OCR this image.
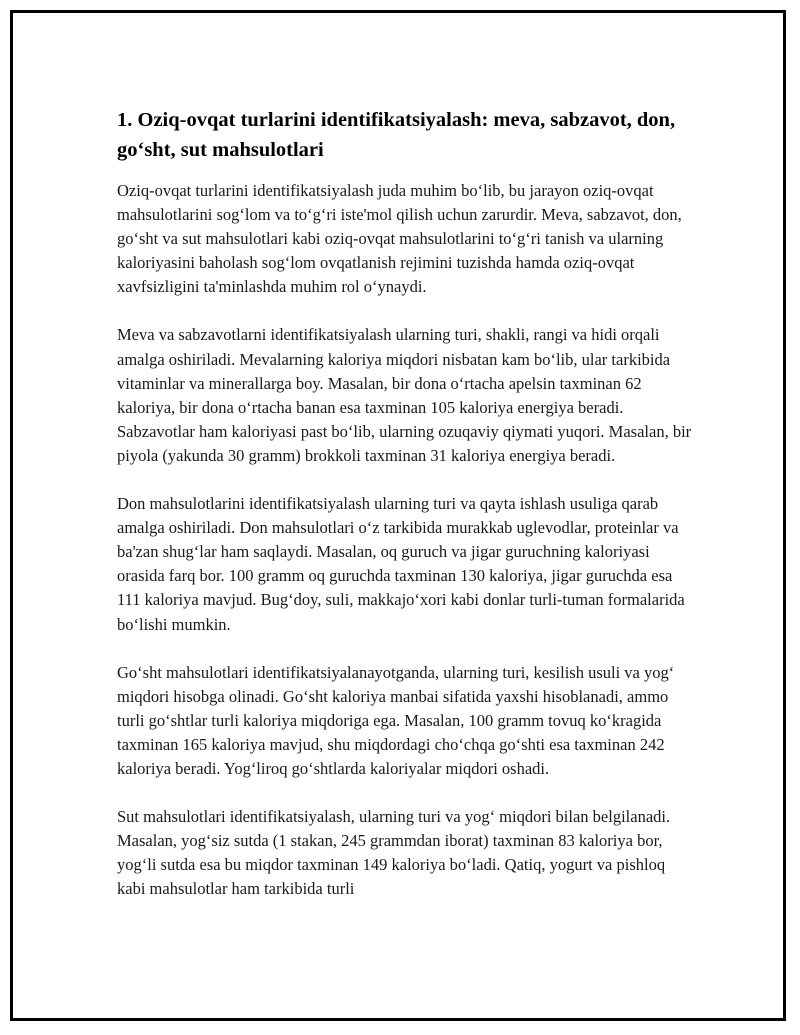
1. Oziq-ovqat turlarini identifikatsiyalash: meva, sabzavot, don, go‘sht, sut mahsulotlari

Oziq-ovqat turlarini identifikatsiyalash juda muhim bo‘lib, bu jarayon oziq-ovqat mahsulotlarini sog‘lom va to‘g‘ri iste'mol qilish uchun zarurdir. Meva, sabzavot, don, go‘sht va sut mahsulotlari kabi oziq-ovqat mahsulotlarini to‘g‘ri tanish va ularning kaloriyasini baholash sog‘lom ovqatlanish rejimini tuzishda hamda oziq-ovqat xavfsizligini ta'minlashda muhim rol o‘ynaydi.

Meva va sabzavotlarni identifikatsiyalash ularning turi, shakli, rangi va hidi orqali amalga oshiriladi. Mevalarning kaloriya miqdori nisbatan kam bo‘lib, ular tarkibida vitaminlar va minerallarga boy. Masalan, bir dona o‘rtacha apelsin taxminan 62 kaloriya, bir dona o‘rtacha banan esa taxminan 105 kaloriya energiya beradi. Sabzavotlar ham kaloriyasi past bo‘lib, ularning ozuqaviy qiymati yuqori. Masalan, bir piyola (yakunda 30 gramm) brokkoli taxminan 31 kaloriya energiya beradi.

Don mahsulotlarini identifikatsiyalash ularning turi va qayta ishlash usuliga qarab amalga oshiriladi. Don mahsulotlari o‘z tarkibida murakkab uglevodlar, proteinlar va ba'zan shug‘lar ham saqlaydi. Masalan, oq guruch va jigar guruchning kaloriyasi orasida farq bor. 100 gramm oq guruchda taxminan 130 kaloriya, jigar guruchda esa 111 kaloriya mavjud. Bug‘doy, suli, makkajo‘xori kabi donlar turli-tuman formalarida bo‘lishi mumkin.

Go‘sht mahsulotlari identifikatsiyalanayotganda, ularning turi, kesilish usuli va yog‘ miqdori hisobga olinadi. Go‘sht kaloriya manbai sifatida yaxshi hisoblanadi, ammo turli go‘shtlar turli kaloriya miqdoriga ega. Masalan, 100 gramm tovuq ko‘kragida taxminan 165 kaloriya mavjud, shu miqdordagi cho‘chqa go‘shti esa taxminan 242 kaloriya beradi. Yog‘liroq go‘shtlarda kaloriyalar miqdori oshadi.

Sut mahsulotlari identifikatsiyalash, ularning turi va yog‘ miqdori bilan belgilanadi. Masalan, yog‘siz sutda (1 stakan, 245 grammdan iborat) taxminan 83 kaloriya bor, yog‘li sutda esa bu miqdor taxminan 149 kaloriya bo‘ladi. Qatiq, yogurt va pishloq kabi mahsulotlar ham tarkibida turli
